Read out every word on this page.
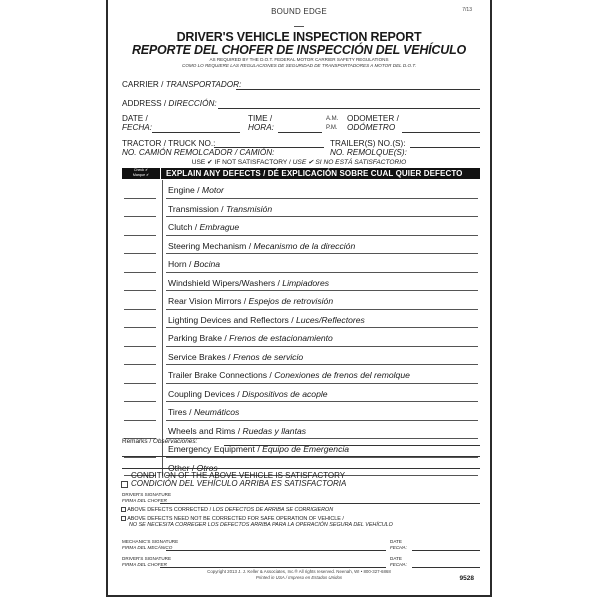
BOUND EDGE	7/13
DRIVER'S VEHICLE INSPECTION REPORT
REPORTE DEL CHOFER DE INSPECCIÓN DEL VEHÍCULO
AS REQUIRED BY THE D.O.T. FEDERAL MOTOR CARRIER SAFETY REGULATIONS
COMO LO REQUIERE LAS REGULACIONES DE SEGURIDAD DE TRANSPORTADORES A MOTOR DEL D.O.T.
CARRIER / TRANSPORTADOR:
ADDRESS / DIRECCIÓN:
DATE /
FECHA:
TIME /
HORA:
A.M.
P.M.
ODOMETER /
ODÓMETRO
TRACTOR / TRUCK NO.:
NO. CAMIÓN REMOLCADOR / CAMIÓN:
TRAILER(S) NO.(S):
NO. REMOLQUE(S):
USE ✔ IF NOT SATISFACTORY / USE ✔ SI NO ESTÁ SATISFACTORIO
Check ✔
Marque ✔	EXPLAIN ANY DEFECTS / DÉ EXPLICACIÓN SOBRE CUAL QUIER DEFECTO
Engine / Motor
Transmission / Transmisión
Clutch / Embrague
Steering Mechanism / Mecanismo de la dirección
Horn / Bocina
Windshield Wipers/Washers / Limpiadores
Rear Vision Mirrors / Espejos de retrovisión
Lighting Devices and Reflectors / Luces/Reflectores
Parking Brake / Frenos de estacionamiento
Service Brakes / Frenos de servicio
Trailer Brake Connections / Conexiones de frenos del remolque
Coupling Devices / Dispositivos de acople
Tires / Neumáticos
Wheels and Rims / Ruedas y llantas
Emergency Equipment / Equipo de Emergencia
Other / Otros
Remarks / Observaciones:
CONDITION OF THE ABOVE VEHICLE IS SATISFACTORY
CONDICIÓN DEL VEHÍCULO ARRIBA ES SATISFACTORIA
DRIVER'S SIGNATURE
FIRMA DEL CHOFER
ABOVE DEFECTS CORRECTED / LOS DEFECTOS DE ARRIBA SE CORRIGIERON
ABOVE DEFECTS NEED NOT BE CORRECTED FOR SAFE OPERATION OF VEHICLE /
NO SE NECESITA CORREGER LOS DEFECTOS ARRIBA PARA LA OPERACIÓN SEGURA DEL VEHÍCULO
MECHANIC'S SIGNATURE
FIRMA DEL MECÁNICO
DATE
FECHA:
DRIVER'S SIGNATURE
FIRMA DEL CHOFER
DATE
FECHA:
Copyright 2013 J. J. Keller & Associates, Inc.® All rights reserved. Neenah, WI • 800-327-6868
Printed in USA / Impreso en Estados Unidos	9528
